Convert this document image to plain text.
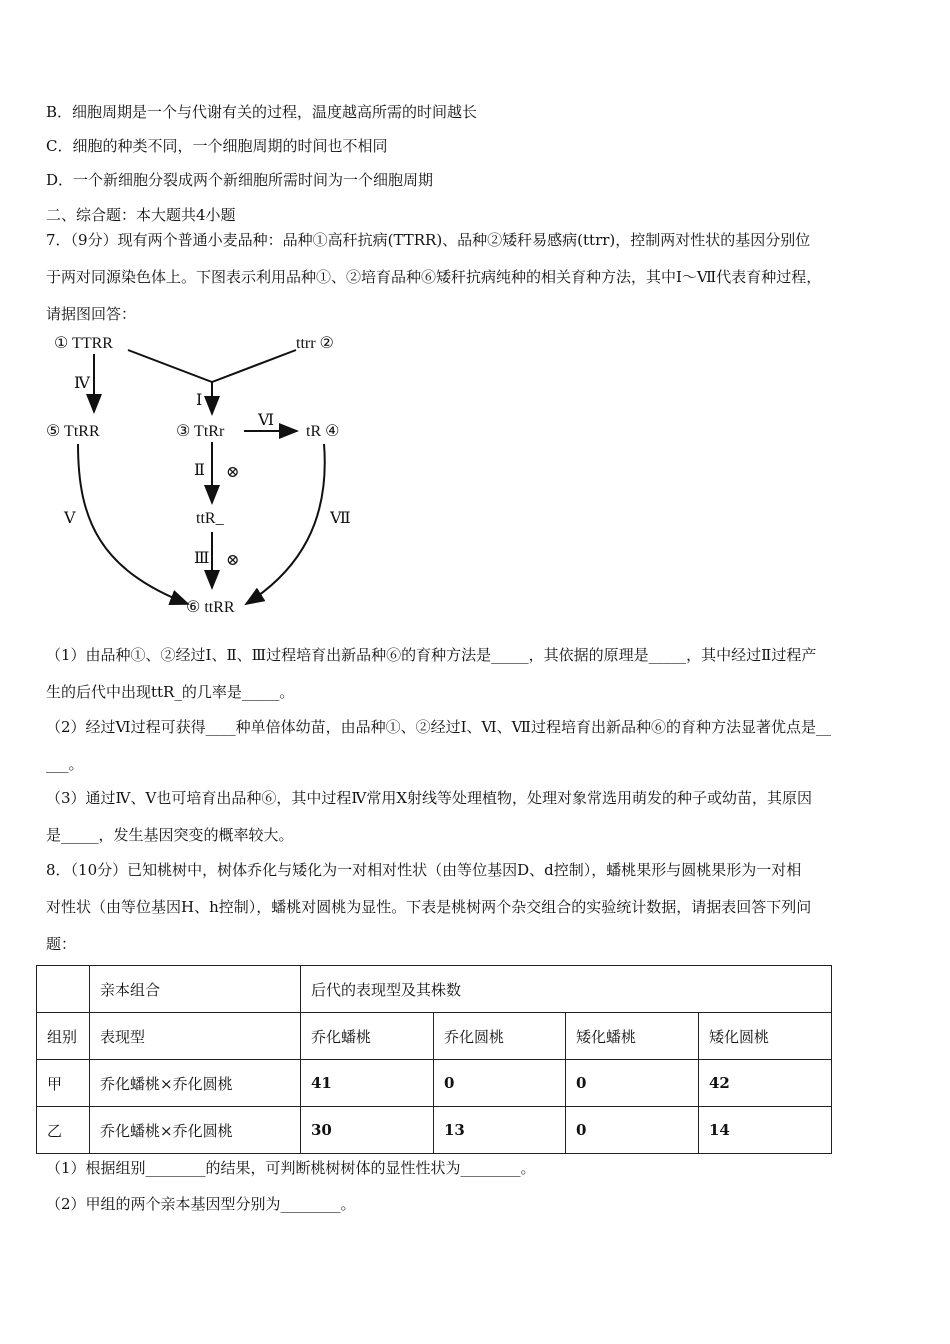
B．细胞周期是一个与代谢有关的过程，温度越高所需的时间越长
C．细胞的种类不同，一个细胞周期的时间也不相同
D．一个新细胞分裂成两个新细胞所需时间为一个细胞周期
二、综合题：本大题共4小题
7．（9分）现有两个普通小麦品种：品种①高秆抗病(TTRR)、品种②矮秆易感病(ttrr)，控制两对性状的基因分别位
于两对同源染色体上。下图表示利用品种①、②培育品种⑥矮秆抗病纯种的相关育种方法，其中Ⅰ～Ⅶ代表育种过程，
请据图回答：
① TTRR	ttrr ②
⑤ TtRR	③ TtRr	tR ④
ttR_
⑥ ttRR
Ⅳ
Ⅰ
Ⅵ
Ⅱ ⊗
Ⅲ ⊗
Ⅴ	Ⅶ
（1）由品种①、②经过Ⅰ、Ⅱ、Ⅲ过程培育出新品种⑥的育种方法是_____，其依据的原理是_____，其中经过Ⅱ过程产
生的后代中出现ttR_的几率是_____。
（2）经过Ⅵ过程可获得____种单倍体幼苗，由品种①、②经过Ⅰ、Ⅵ、Ⅶ过程培育出新品种⑥的育种方法显著优点是__
___。
（3）通过Ⅳ、Ⅴ也可培育出品种⑥，其中过程Ⅳ常用X射线等处理植物，处理对象常选用萌发的种子或幼苗，其原因
是_____，发生基因突变的概率较大。
8．（10分）已知桃树中，树体乔化与矮化为一对相对性状（由等位基因D、d控制），蟠桃果形与圆桃果形为一对相
对性状（由等位基因H、h控制），蟠桃对圆桃为显性。下表是桃树两个杂交组合的实验统计数据，请据表回答下列问
题：
	亲本组合	后代的表现型及其株数			
组别	表现型	乔化蟠桃	乔化圆桃	矮化蟠桃	矮化圆桃
甲	乔化蟠桃×乔化圆桃	41	0	0	42
乙	乔化蟠桃×乔化圆桃	30	13	0	14
（1）根据组别________的结果，可判断桃树树体的显性性状为________。
（2）甲组的两个亲本基因型分别为________。
